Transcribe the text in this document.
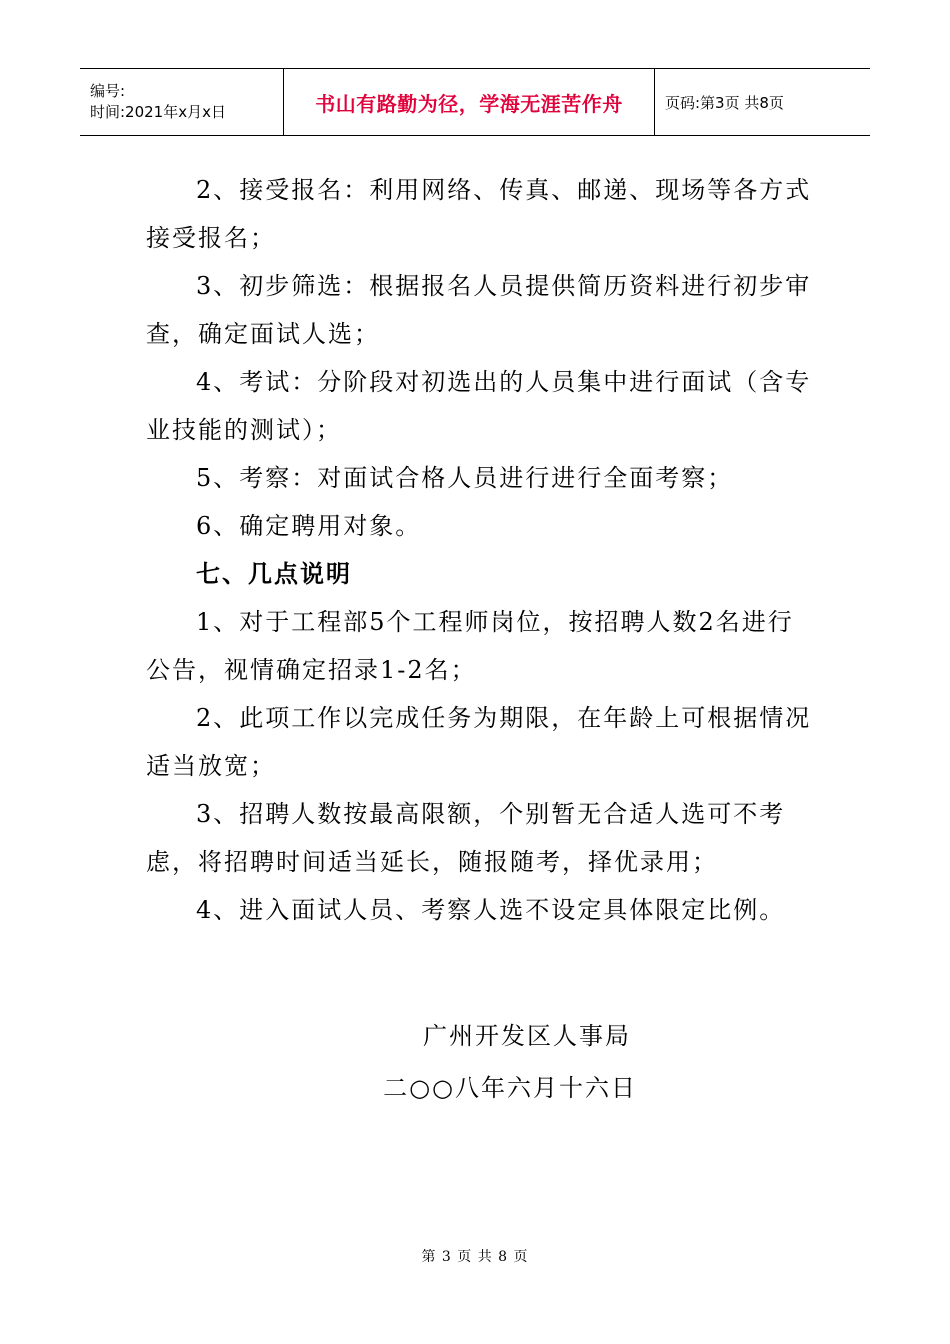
编号:
时间:2021年x月x日	书山有路勤为径，学海无涯苦作舟	页码:第3页 共8页

2、接受报名：利用网络、传真、邮递、现场等各方式接受报名；

3、初步筛选：根据报名人员提供简历资料进行初步审查，确定面试人选；

4、考试：分阶段对初选出的人员集中进行面试（含专业技能的测试）；

5、考察：对面试合格人员进行进行全面考察；

6、确定聘用对象。

七、几点说明

1、对于工程部5个工程师岗位，按招聘人数2名进行公告，视情确定招录1-2名；

2、此项工作以完成任务为期限，在年龄上可根据情况适当放宽；

3、招聘人数按最高限额，个别暂无合适人选可不考虑，将招聘时间适当延长，随报随考，择优录用；

4、进入面试人员、考察人选不设定具体限定比例。

广州开发区人事局
二○○八年六月十六日
第 3 页 共 8 页
